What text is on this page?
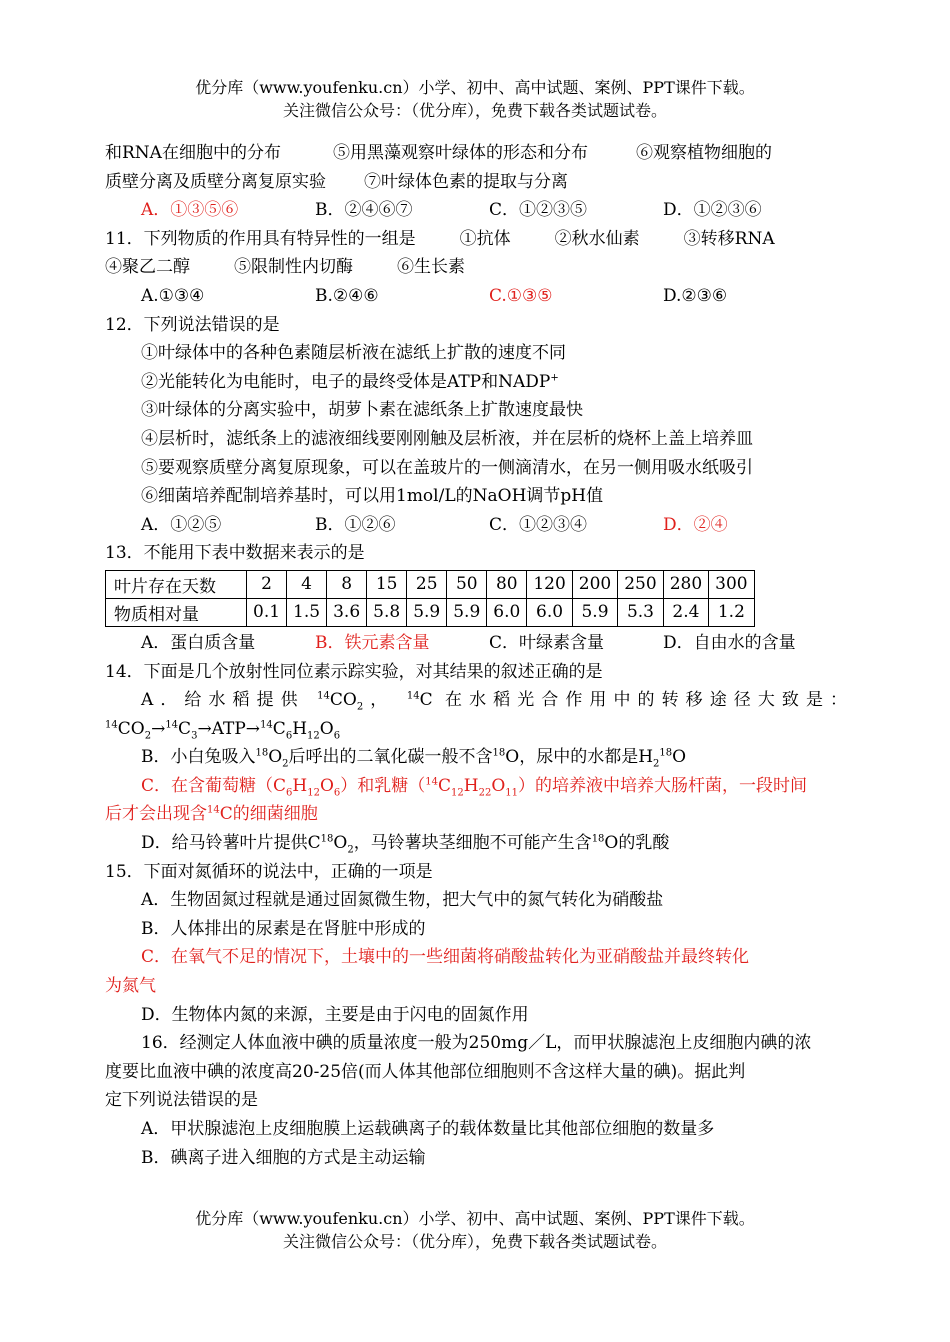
优分库（www.youfenku.cn）小学、初中、高中试题、案例、PPT课件下载。
关注微信公众号：（优分库），免费下载各类试题试卷。
和RNA在细胞中的分布	⑤用黑藻观察叶绿体的形态和分布	⑥观察植物细胞的
质壁分离及质壁分离复原实验 ⑦叶绿体色素的提取与分离
A．①③⑤⑥	B．②④⑥⑦	C．①②③⑤	D．①②③⑥
11．下列物质的作用具有特异性的一组是	①抗体	②秋水仙素	③转移RNA
④聚乙二醇	⑤限制性内切酶	⑥生长素
A.①③④	B.②④⑥	C.①③⑤	D.②③⑥
12．下列说法错误的是
①叶绿体中的各种色素随层析液在滤纸上扩散的速度不同
②光能转化为电能时，电子的最终受体是ATP和NADP+
③叶绿体的分离实验中，胡萝卜素在滤纸条上扩散速度最快
④层析时，滤纸条上的滤液细线要刚刚触及层析液，并在层析的烧杯上盖上培养皿
⑤要观察质壁分离复原现象，可以在盖玻片的一侧滴清水，在另一侧用吸水纸吸引
⑥细菌培养配制培养基时，可以用1mol/L的NaOH调节pH值
A．①②⑤	B．①②⑥	C．①②③④	D．②④
13．不能用下表中数据来表示的是
叶片存在天数	2	4	8	15	25	50	80	120	200	250	280	300
物质相对量	0.1	1.5	3.6	5.8	5.9	5.9	6.0	6.0	5.9	5.3	2.4	1.2
A．蛋白质含量	B．铁元素含量	C．叶绿素含量	D．自由水的含量
14．下面是几个放射性同位素示踪实验，对其结果的叙述正确的是
A．给水稻提供 $^{14}CO_2$， $^{14}$C 在水稻光合作用中的转移途径大致是：
$^{14}CO_2\to^{14}C_3\to ATP\to^{14}C_6H_{12}O_6$
B．小白兔吸入$^{18}O_2$后呼出的二氧化碳一般不含$^{18}$O，尿中的水都是$H_2^{18}O$
C．在含葡萄糖$(C_6H_{12}O_6)$和乳糖$(^{14}C_{12}H_{22}O_{11})$的培养液中培养大肠杆菌，一段时间
后才会出现含$^{14}$C的细菌细胞
D．给马铃薯叶片提供$C^{18}O_2$，马铃薯块茎细胞不可能产生含$^{18}$O的乳酸
15．下面对氮循环的说法中，正确的一项是
A．生物固氮过程就是通过固氮微生物，把大气中的氮气转化为硝酸盐
B．人体排出的尿素是在肾脏中形成的
C．在氧气不足的情况下，土壤中的一些细菌将硝酸盐转化为亚硝酸盐并最终转化
为氮气
D．生物体内氮的来源，主要是由于闪电的固氮作用
16．经测定人体血液中碘的质量浓度一般为250mg／L，而甲状腺滤泡上皮细胞内碘的浓
度要比血液中碘的浓度高20-25倍(而人体其他部位细胞则不含这样大量的碘)。据此判
定下列说法错误的是
A．甲状腺滤泡上皮细胞膜上运载碘离子的载体数量比其他部位细胞的数量多
B．碘离子进入细胞的方式是主动运输
优分库（www.youfenku.cn）小学、初中、高中试题、案例、PPT课件下载。
关注微信公众号：（优分库），免费下载各类试题试卷。
